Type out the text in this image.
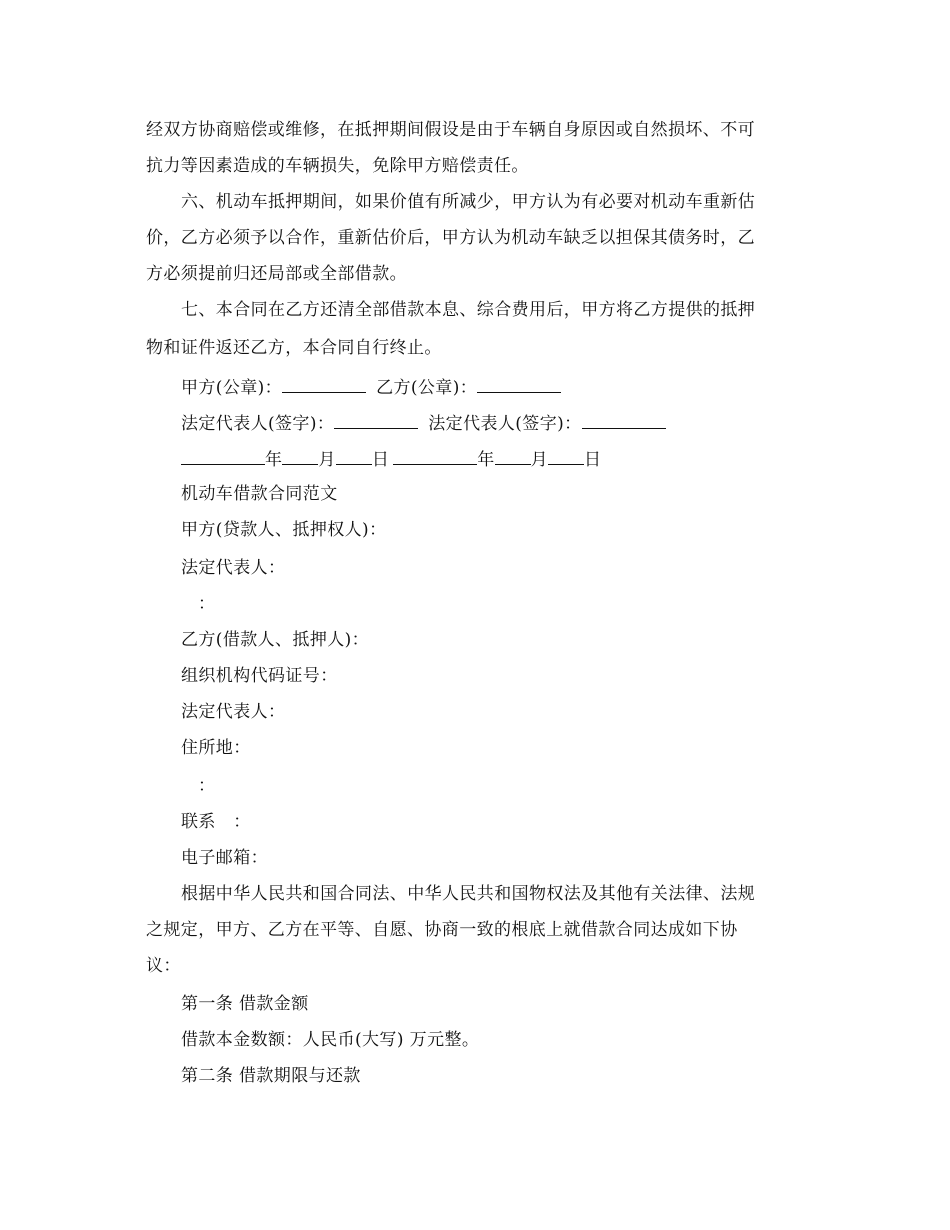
经双方协商赔偿或维修，在抵押期间假设是由于车辆自身原因或自然损坏、不可
抗力等因素造成的车辆损失，免除甲方赔偿责任。
六、机动车抵押期间，如果价值有所减少，甲方认为有必要对机动车重新估
价，乙方必须予以合作，重新估价后，甲方认为机动车缺乏以担保其债务时，乙
方必须提前归还局部或全部借款。
七、本合同在乙方还清全部借款本息、综合费用后，甲方将乙方提供的抵押
物和证件返还乙方，本合同自行终止。
甲方(公章)：	乙方(公章)：
法定代表人(签字)：	法定代表人(签字)：
年 月 日	年 月 日
机动车借款合同范文
甲方(贷款人、抵押权人)：
法定代表人：
：
乙方(借款人、抵押人)：
组织机构代码证号：
法定代表人：
住所地：
：
联系　：
电子邮箱：
根据中华人民共和国合同法、中华人民共和国物权法及其他有关法律、法规
之规定，甲方、乙方在平等、自愿、协商一致的根底上就借款合同达成如下协
议：
第一条 借款金额
借款本金数额：人民币(大写) 万元整。
第二条 借款期限与还款
